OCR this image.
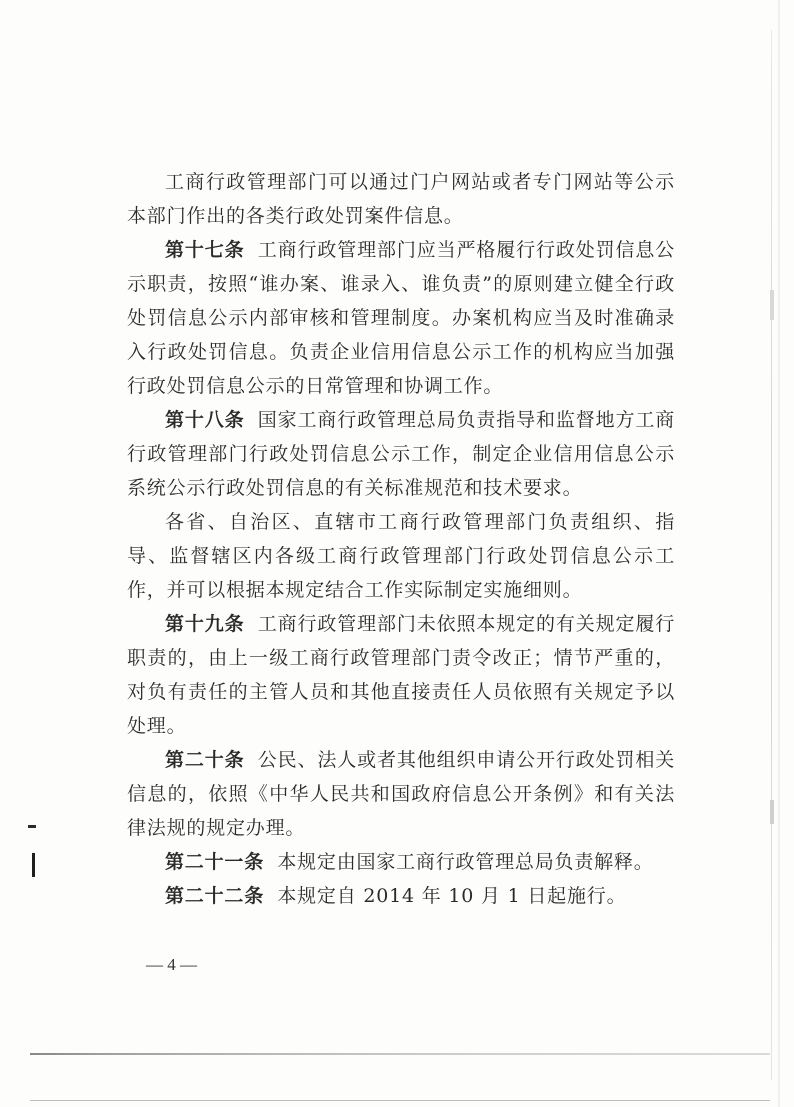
工商行政管理部门可以通过门户网站或者专门网站等公示本部门作出的各类行政处罚案件信息。

第十七条 工商行政管理部门应当严格履行行政处罚信息公示职责，按照“谁办案、谁录入、谁负责”的原则建立健全行政处罚信息公示内部审核和管理制度。办案机构应当及时准确录入行政处罚信息。负责企业信用信息公示工作的机构应当加强行政处罚信息公示的日常管理和协调工作。

第十八条 国家工商行政管理总局负责指导和监督地方工商行政管理部门行政处罚信息公示工作，制定企业信用信息公示系统公示行政处罚信息的有关标准规范和技术要求。

各省、自治区、直辖市工商行政管理部门负责组织、指导、监督辖区内各级工商行政管理部门行政处罚信息公示工作，并可以根据本规定结合工作实际制定实施细则。

第十九条 工商行政管理部门未依照本规定的有关规定履行职责的，由上一级工商行政管理部门责令改正；情节严重的，对负有责任的主管人员和其他直接责任人员依照有关规定予以处理。

第二十条 公民、法人或者其他组织申请公开行政处罚相关信息的，依照《中华人民共和国政府信息公开条例》和有关法律法规的规定办理。

第二十一条 本规定由国家工商行政管理总局负责解释。

第二十二条 本规定自 2014 年 10 月 1 日起施行。

— 4 —
